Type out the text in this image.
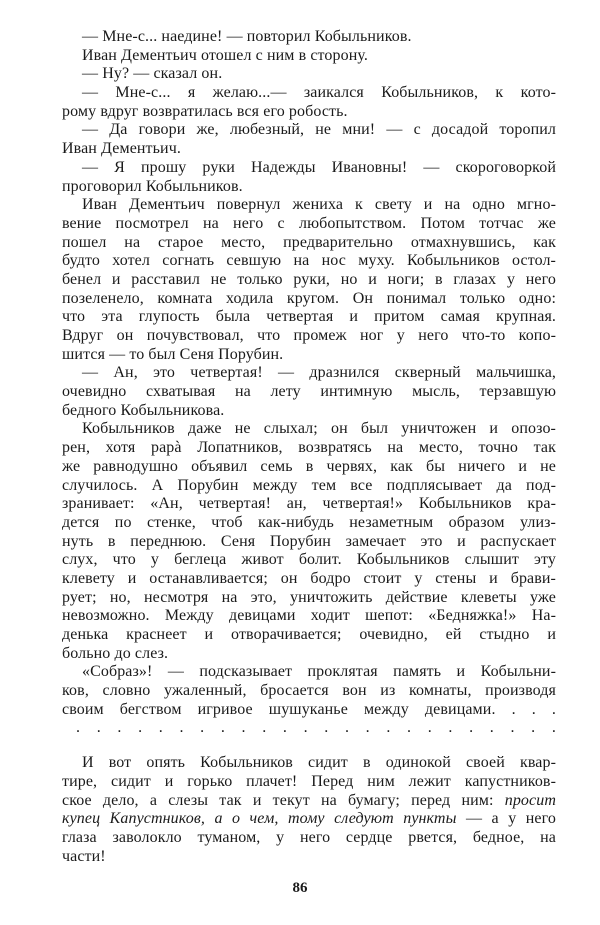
— Мне-с... наедине! — повторил Кобыльников.
Иван Дементьич отошел с ним в сторону.
— Ну? — сказал он.
— Мне-с... я желаю...— заикался Кобыльников, к кото-
рому вдруг возвратилась вся его робость.
— Да говори же, любезный, не мни! — с досадой торопил
Иван Дементьич.
— Я прошу руки Надежды Ивановны! — скороговоркой
проговорил Кобыльников.
Иван Дементьич повернул жениха к свету и на одно мгно-
вение посмотрел на него с любопытством. Потом тотчас же
пошел на старое место, предварительно отмахнувшись, как
будто хотел согнать севшую на нос муху. Кобыльников остол-
бенел и расставил не только руки, но и ноги; в глазах у него
позеленело, комната ходила кругом. Он понимал только одно:
что эта глупость была четвертая и притом самая крупная.
Вдруг он почувствовал, что промеж ног у него что-то копо-
шится — то был Сеня Порубин.
— Ан, это четвертая! — дразнился скверный мальчишка,
очевидно схватывая на лету интимную мысль, терзавшую
бедного Кобыльникова.
Кобыльников даже не слыхал; он был уничтожен и опозо-
рен, хотя papà Лопатников, возвратясь на место, точно так
же равнодушно объявил семь в червях, как бы ничего и не
случилось. А Порубин между тем все подплясывает да под-
зранивает: «Ан, четвертая! ан, четвертая!» Кобыльников кра-
дется по стенке, чтоб как-нибудь незаметным образом улиз-
нуть в переднюю. Сеня Порубин замечает это и распускает
слух, что у беглеца живот болит. Кобыльников слышит эту
клевету и останавливается; он бодро стоит у стены и брави-
рует; но, несмотря на это, уничтожить действие клеветы уже
невозможно. Между девицами ходит шепот: «Бедняжка!» На-
денька краснеет и отворачивается; очевидно, ей стыдно и
больно до слез.
«Собраз»! — подсказывает проклятая память и Кобыльни-
ков, словно ужаленный, бросается вон из комнаты, производя
своим бегством игривое шушуканье между девицами. . . .
. . . . . . . . . . . . . . . . . . . . . . . .
И вот опять Кобыльников сидит в одинокой своей квар-
тире, сидит и горько плачет! Перед ним лежит капустников-
ское дело, а слезы так и текут на бумагу; перед ним: просит
купец Капустников, а о чем, тому следуют пункты — а у него
глаза заволокло туманом, у него сердце рвется, бедное, на
части!
86
